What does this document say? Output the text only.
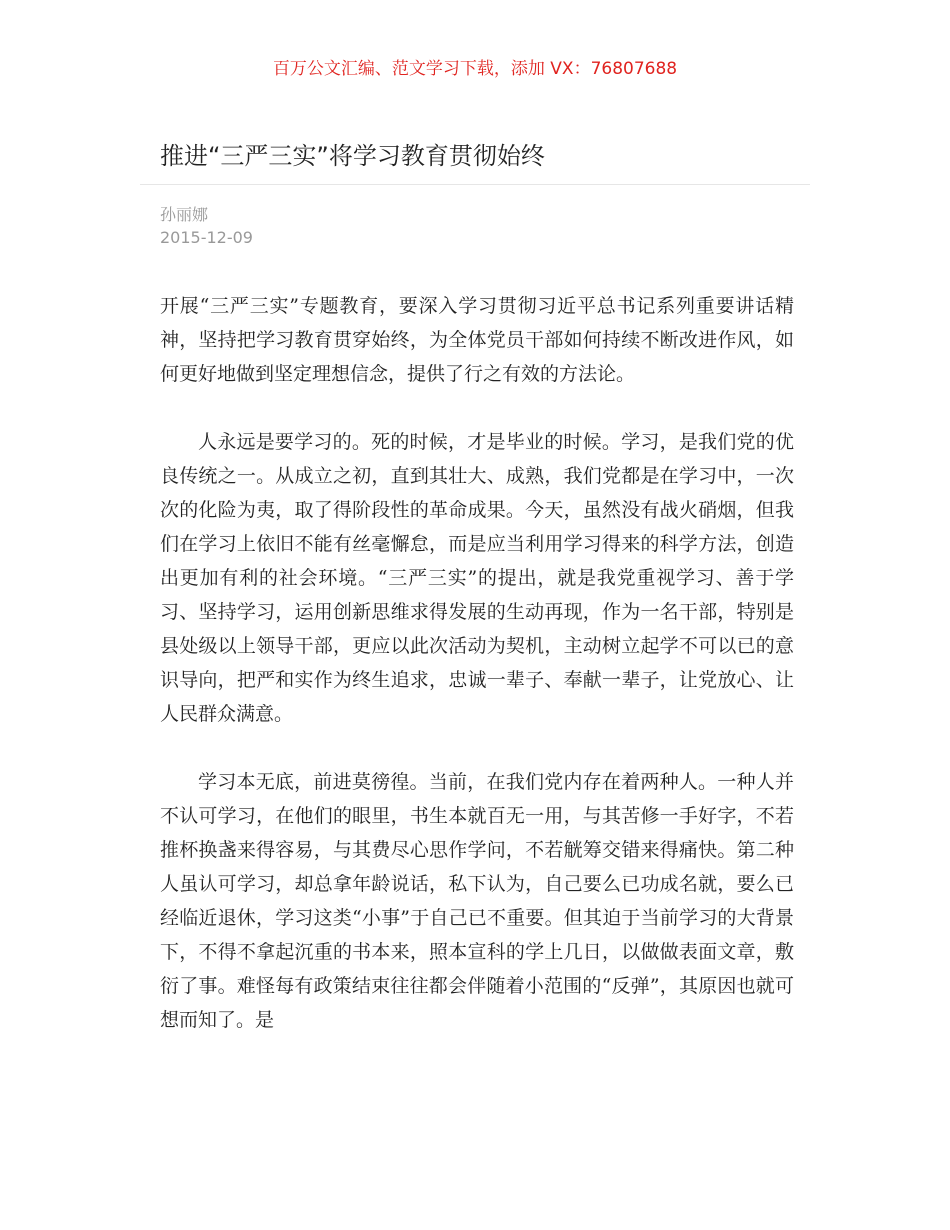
百万公文汇编、范文学习下载，添加 VX：76807688
推进“三严三实”将学习教育贯彻始终
孙丽娜
2015-12-09

开展“三严三实”专题教育，要深入学习贯彻习近平总书记系列重要讲话精神，坚持把学习教育贯穿始终，为全体党员干部如何持续不断改进作风，如何更好地做到坚定理想信念，提供了行之有效的方法论。

人永远是要学习的。死的时候，才是毕业的时候。学习，是我们党的优良传统之一。从成立之初，直到其壮大、成熟，我们党都是在学习中，一次次的化险为夷，取了得阶段性的革命成果。今天，虽然没有战火硝烟，但我们在学习上依旧不能有丝毫懈怠，而是应当利用学习得来的科学方法，创造出更加有利的社会环境。“三严三实”的提出，就是我党重视学习、善于学习、坚持学习，运用创新思维求得发展的生动再现，作为一名干部，特别是县处级以上领导干部，更应以此次活动为契机，主动树立起学不可以已的意识导向，把严和实作为终生追求，忠诚一辈子、奉献一辈子，让党放心、让人民群众满意。

学习本无底，前进莫徬徨。当前，在我们党内存在着两种人。一种人并不认可学习，在他们的眼里，书生本就百无一用，与其苦修一手好字，不若推杯换盏来得容易，与其费尽心思作学问，不若觥筹交错来得痛快。第二种人虽认可学习，却总拿年龄说话，私下认为，自己要么已功成名就，要么已经临近退休，学习这类“小事”于自己已不重要。但其迫于当前学习的大背景下，不得不拿起沉重的书本来，照本宣科的学上几日，以做做表面文章，敷衍了事。难怪每有政策结束往往都会伴随着小范围的“反弹”，其原因也就可想而知了。是
